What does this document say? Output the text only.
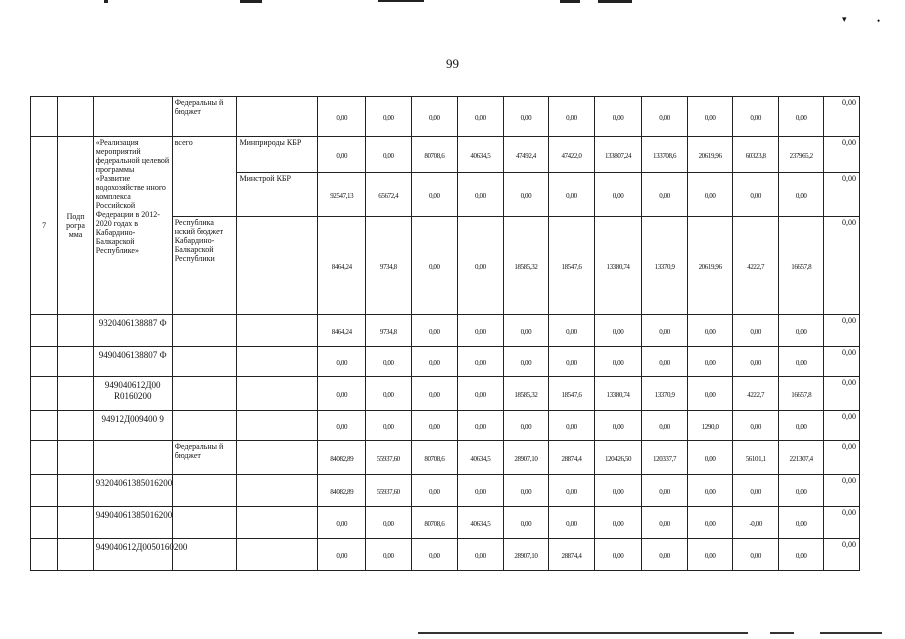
▾	•
99
			Федеральны й бюджет		0,00	0,00	0,00	0,00	0,00	0,00	0,00	0,00	0,00	0,00	0,00	0,00
7	Подп рогра мма	«Реализация мероприятий федеральной целевой программы «Развитие водохозяйстве нного комплекса Российской Федерации в 2012-2020 годах в Кабардино-Балкарской Республике»	всего	Минприроды КБР	0,00	0,00	80708,6	40634,5	47492,4	47422,0	133807,24	133708,6	20619,96	60323,8	237965,2	0,00
				Минстрой КБР	92547,13	65672,4	0,00	0,00	0,00	0,00	0,00	0,00	0,00	0,00	0,00	0,00
			Республика нский бюджет Кабардино-Балкарской Республики		8464,24	9734,8	0,00	0,00	18585,32	18547,6	13380,74	13370,9	20619,96	4222,7	16657,8	0,00
		9320406138887 Ф			8464,24	9734,8	0,00	0,00	0,00	0,00	0,00	0,00	0,00	0,00	0,00	0,00
		9490406138807 Ф			0,00	0,00	0,00	0,00	0,00	0,00	0,00	0,00	0,00	0,00	0,00	0,00
		949040612Д00 R0160200			0,00	0,00	0,00	0,00	18585,32	18547,6	13380,74	13370,9	0,00	4222,7	16657,8	0,00
		94912Д009400 9			0,00	0,00	0,00	0,00	0,00	0,00	0,00	0,00	1290,0	0,00	0,00	0,00
			Федеральны й бюджет		84082,89	55937,60	80708,6	40634,5	28907,10	28874,4	120426,50	120337,7	0,00	56101,1	221307,4	0,00
		93204061385016200			84082,89	55937,60	0,00	0,00	0,00	0,00	0,00	0,00	0,00	0,00	0,00	0,00
		94904061385016200			0,00	0,00	80708,6	40634,5	0,00	0,00	0,00	0,00	0,00	-0,00	0,00	0,00
		949040612Д0050160200			0,00	0,00	0,00	0,00	28907,10	28874,4	0,00	0,00	0,00	0,00	0,00	0,00
